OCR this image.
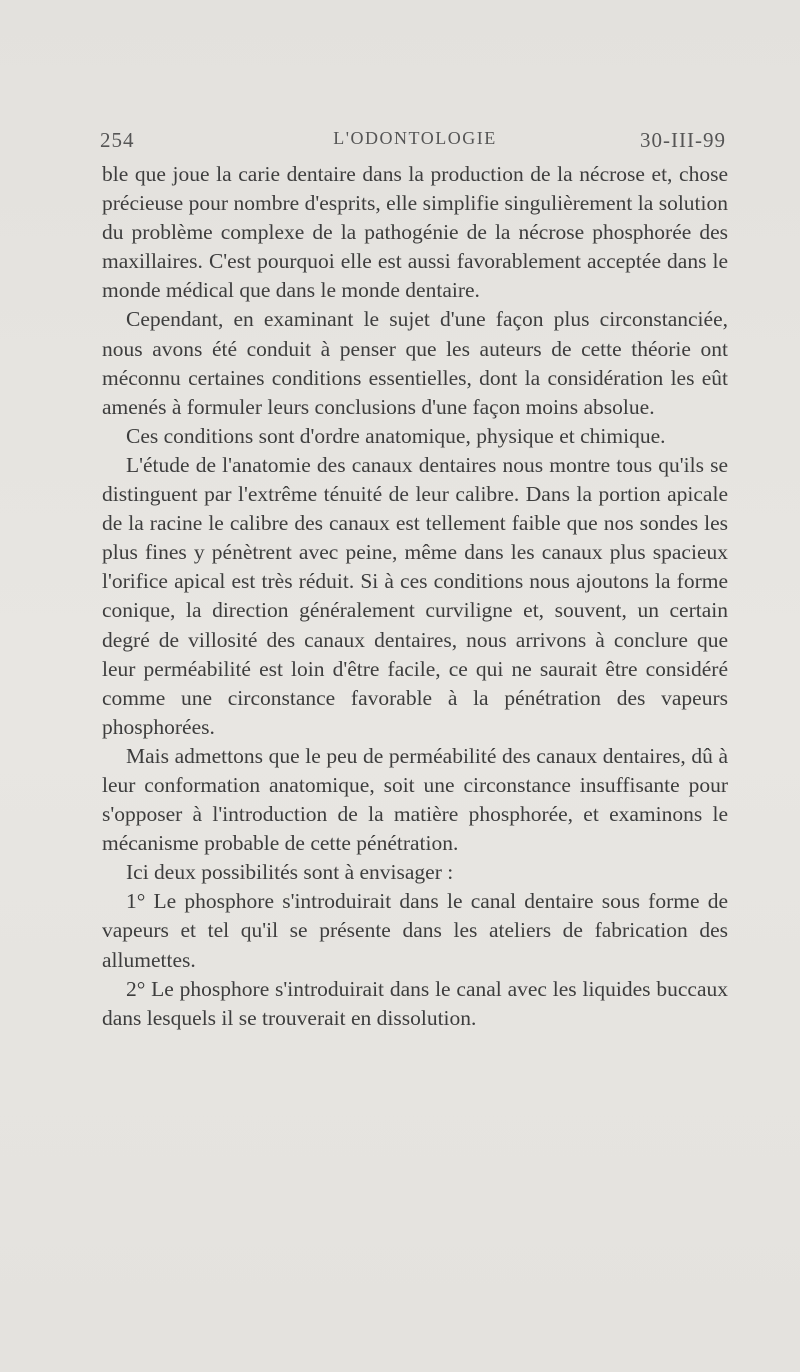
254	L'ODONTOLOGIE	30-III-99

ble que joue la carie dentaire dans la production de la nécrose et, chose précieuse pour nombre d'esprits, elle simplifie singulièrement la solution du problème complexe de la pathogénie de la nécrose phosphorée des maxillaires. C'est pourquoi elle est aussi favorablement acceptée dans le monde médical que dans le monde dentaire.

Cependant, en examinant le sujet d'une façon plus circonstanciée, nous avons été conduit à penser que les auteurs de cette théorie ont méconnu certaines conditions essentielles, dont la considération les eût amenés à formuler leurs conclusions d'une façon moins absolue.

Ces conditions sont d'ordre anatomique, physique et chimique.

L'étude de l'anatomie des canaux dentaires nous montre tous qu'ils se distinguent par l'extrême ténuité de leur calibre. Dans la portion apicale de la racine le calibre des canaux est tellement faible que nos sondes les plus fines y pénètrent avec peine, même dans les canaux plus spacieux l'orifice apical est très réduit. Si à ces conditions nous ajoutons la forme conique, la direction généralement curviligne et, souvent, un certain degré de villosité des canaux dentaires, nous arrivons à conclure que leur perméabilité est loin d'être facile, ce qui ne saurait être considéré comme une circonstance favorable à la pénétration des vapeurs phosphorées.

Mais admettons que le peu de perméabilité des canaux dentaires, dû à leur conformation anatomique, soit une circonstance insuffisante pour s'opposer à l'introduction de la matière phosphorée, et examinons le mécanisme probable de cette pénétration.

Ici deux possibilités sont à envisager :

1° Le phosphore s'introduirait dans le canal dentaire sous forme de vapeurs et tel qu'il se présente dans les ateliers de fabrication des allumettes.

2° Le phosphore s'introduirait dans le canal avec les liquides buccaux dans lesquels il se trouverait en dissolution.
